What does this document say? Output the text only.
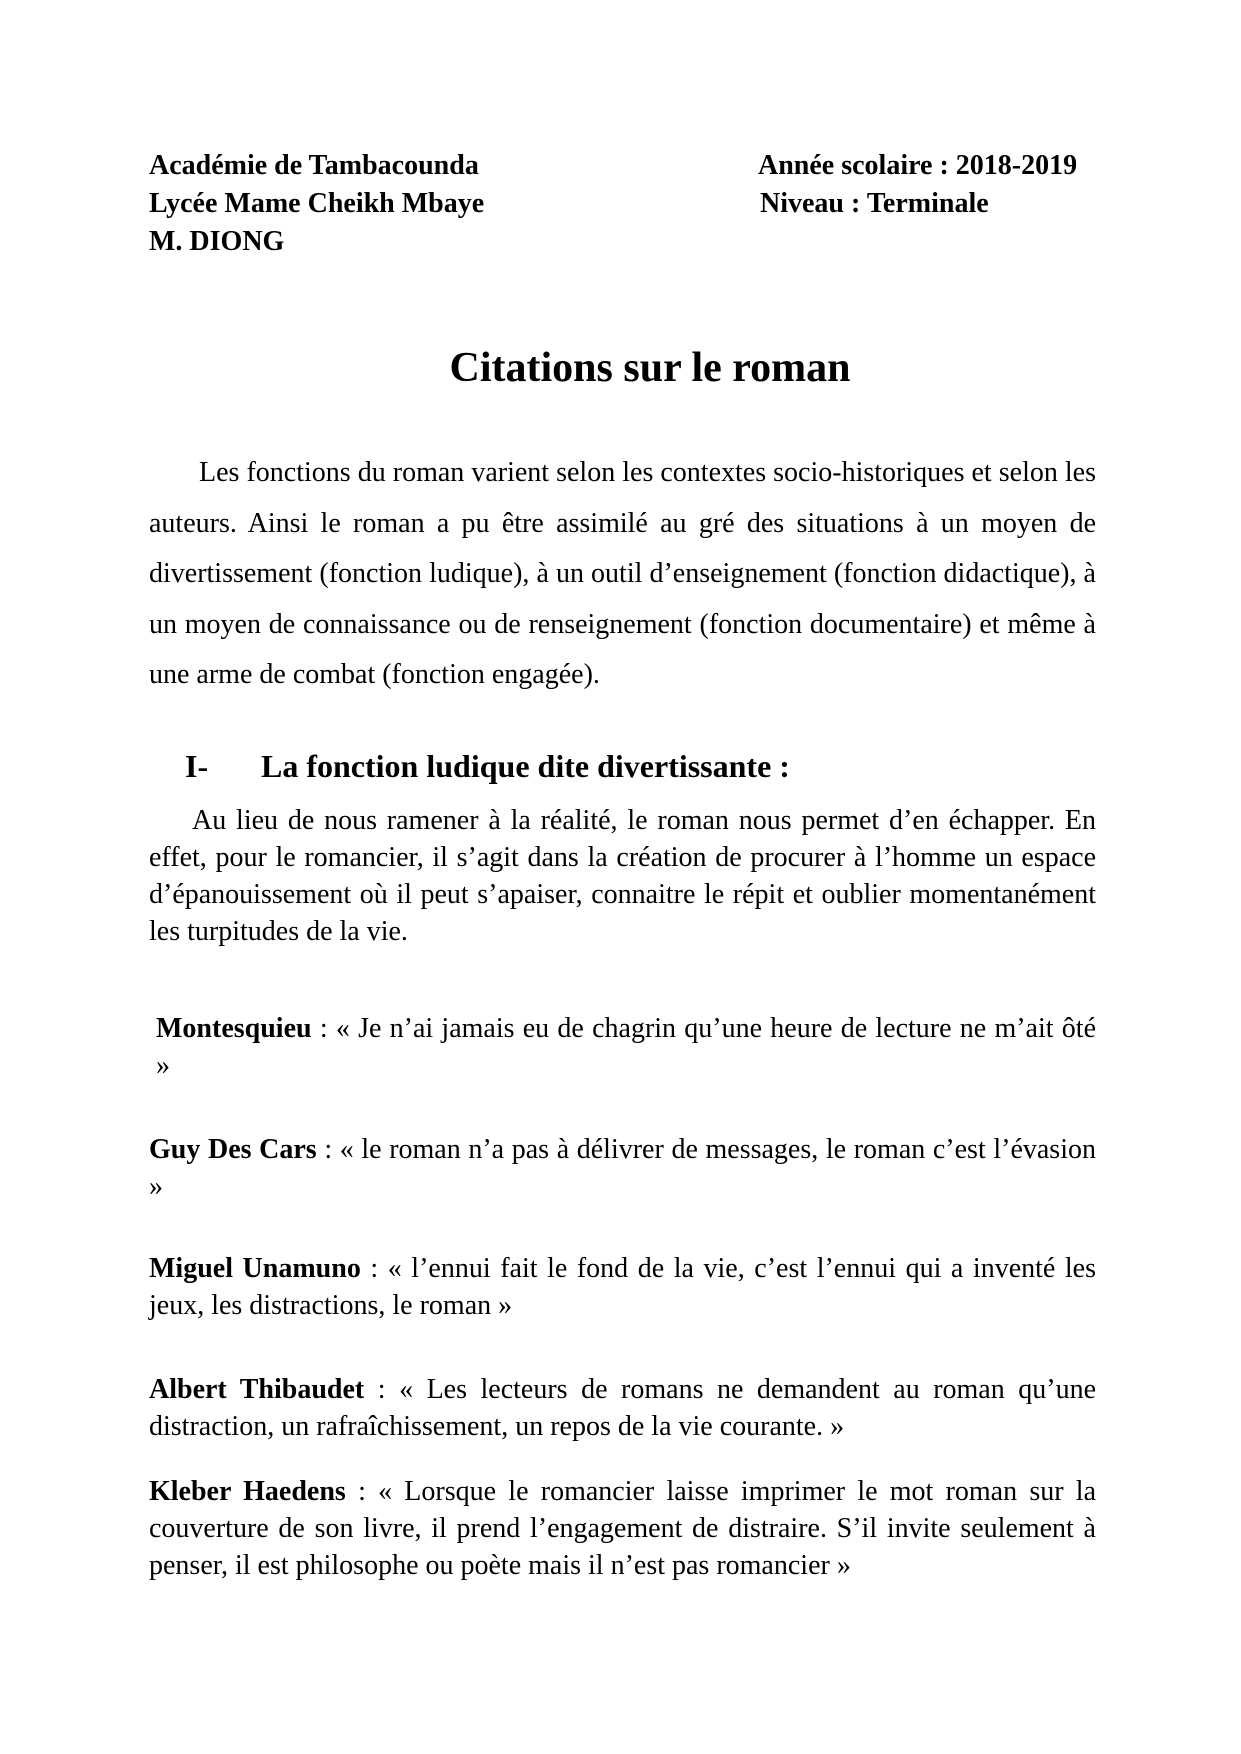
Académie de Tambacounda
Lycée Mame Cheikh Mbaye
M. DIONG
Année scolaire : 2018-2019
Niveau : Terminale
Citations sur le roman

Les fonctions du roman varient selon les contextes socio-historiques et selon les auteurs. Ainsi le roman a pu être assimilé au gré des situations à un moyen de divertissement (fonction ludique), à un outil d’enseignement (fonction didactique), à un moyen de connaissance ou de renseignement (fonction documentaire) et même à une arme de combat (fonction engagée).

I- La fonction ludique dite divertissante :

Au lieu de nous ramener à la réalité, le roman nous permet d’en échapper. En effet, pour le romancier, il s’agit dans la création de procurer à l’homme un espace d’épanouissement où il peut s’apaiser, connaitre le répit et oublier momentanément les turpitudes de la vie.

Montesquieu : « Je n’ai jamais eu de chagrin qu’une heure de lecture ne m’ait ôté »

Guy Des Cars : « le roman n’a pas à délivrer de messages, le roman c’est l’évasion »

Miguel Unamuno : « l’ennui fait le fond de la vie, c’est l’ennui qui a inventé les jeux, les distractions, le roman »

Albert Thibaudet : « Les lecteurs de romans ne demandent au roman qu’une distraction, un rafraîchissement, un repos de la vie courante. »

Kleber Haedens : « Lorsque le romancier laisse imprimer le mot roman sur la couverture de son livre, il prend l’engagement de distraire. S’il invite seulement à penser, il est philosophe ou poète mais il n’est pas romancier »
